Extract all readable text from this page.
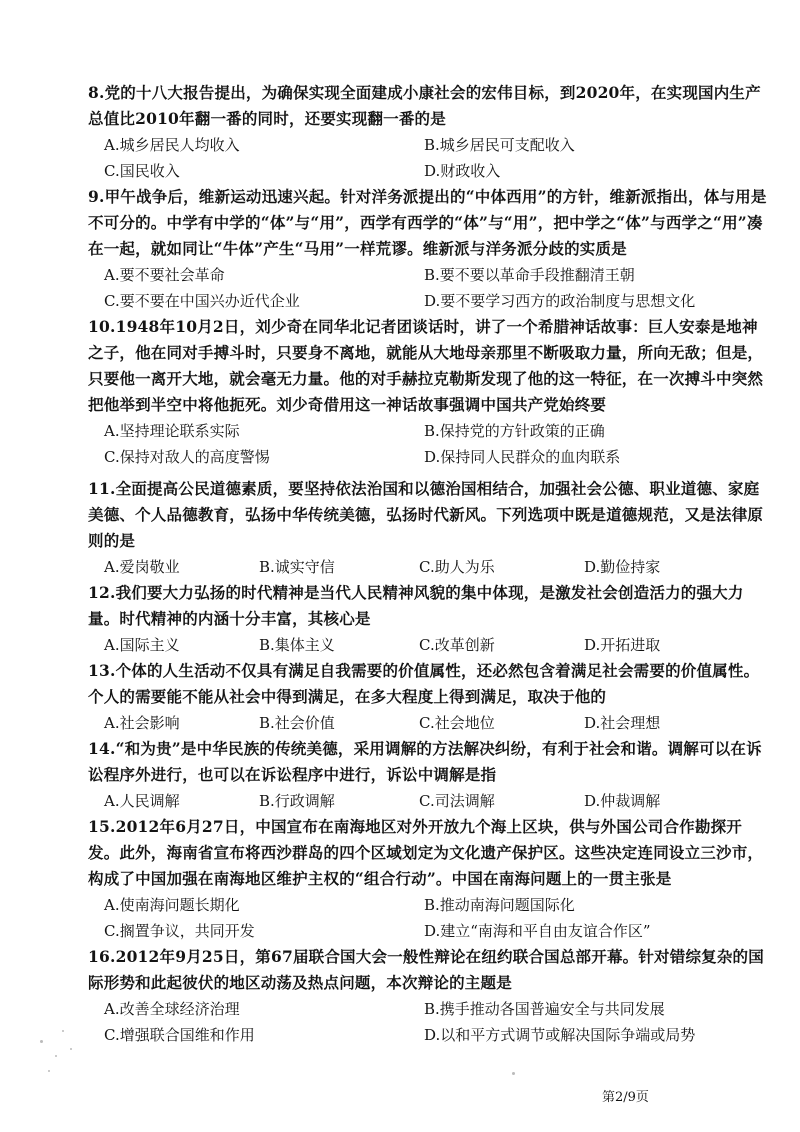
8.党的十八大报告提出，为确保实现全面建成小康社会的宏伟目标，到2020年，在实现国内生产总值比2010年翻一番的同时，还要实现翻一番的是
A.城乡居民人均收入	B.城乡居民可支配收入
C.国民收入	D.财政收入
9.甲午战争后，维新运动迅速兴起。针对洋务派提出的“中体西用”的方针，维新派指出，体与用是不可分的。中学有中学的“体”与“用”，西学有西学的“体”与“用”，把中学之“体”与西学之“用”凑在一起，就如同让“牛体”产生“马用”一样荒谬。维新派与洋务派分歧的实质是
A.要不要社会革命	B.要不要以革命手段推翻清王朝
C.要不要在中国兴办近代企业	D.要不要学习西方的政治制度与思想文化
10.1948年10月2日，刘少奇在同华北记者团谈话时，讲了一个希腊神话故事：巨人安泰是地神之子，他在同对手搏斗时，只要身不离地，就能从大地母亲那里不断吸取力量，所向无敌；但是，只要他一离开大地，就会毫无力量。他的对手赫拉克勒斯发现了他的这一特征，在一次搏斗中突然把他举到半空中将他扼死。刘少奇借用这一神话故事强调中国共产党始终要
A.坚持理论联系实际	B.保持党的方针政策的正确
C.保持对敌人的高度警惕	D.保持同人民群众的血肉联系
11.全面提高公民道德素质，要坚持依法治国和以德治国相结合，加强社会公德、职业道德、家庭美德、个人品德教育，弘扬中华传统美德，弘扬时代新风。下列选项中既是道德规范，又是法律原则的是
A.爱岗敬业	B.诚实守信	C.助人为乐	D.勤俭持家
12.我们要大力弘扬的时代精神是当代人民精神风貌的集中体现，是激发社会创造活力的强大力量。时代精神的内涵十分丰富，其核心是
A.国际主义	B.集体主义	C.改革创新	D.开拓进取
13.个体的人生活动不仅具有满足自我需要的价值属性，还必然包含着满足社会需要的价值属性。个人的需要能不能从社会中得到满足，在多大程度上得到满足，取决于他的
A.社会影响	B.社会价值	C.社会地位	D.社会理想
14.“和为贵”是中华民族的传统美德，采用调解的方法解决纠纷，有利于社会和谐。调解可以在诉讼程序外进行，也可以在诉讼程序中进行，诉讼中调解是指
A.人民调解	B.行政调解	C.司法调解	D.仲裁调解
15.2012年6月27日，中国宣布在南海地区对外开放九个海上区块，供与外国公司合作勘探开发。此外，海南省宣布将西沙群岛的四个区域划定为文化遗产保护区。这些决定连同设立三沙市，构成了中国加强在南海地区维护主权的“组合行动”。中国在南海问题上的一贯主张是
A.使南海问题长期化	B.推动南海问题国际化
C.搁置争议，共同开发	D.建立“南海和平自由友谊合作区”
16.2012年9月25日，第67届联合国大会一般性辩论在纽约联合国总部开幕。针对错综复杂的国际形势和此起彼伏的地区动荡及热点问题，本次辩论的主题是
A.改善全球经济治理	B.携手推动各国普遍安全与共同发展
C.增强联合国维和作用	D.以和平方式调节或解决国际争端或局势
第2/9页
